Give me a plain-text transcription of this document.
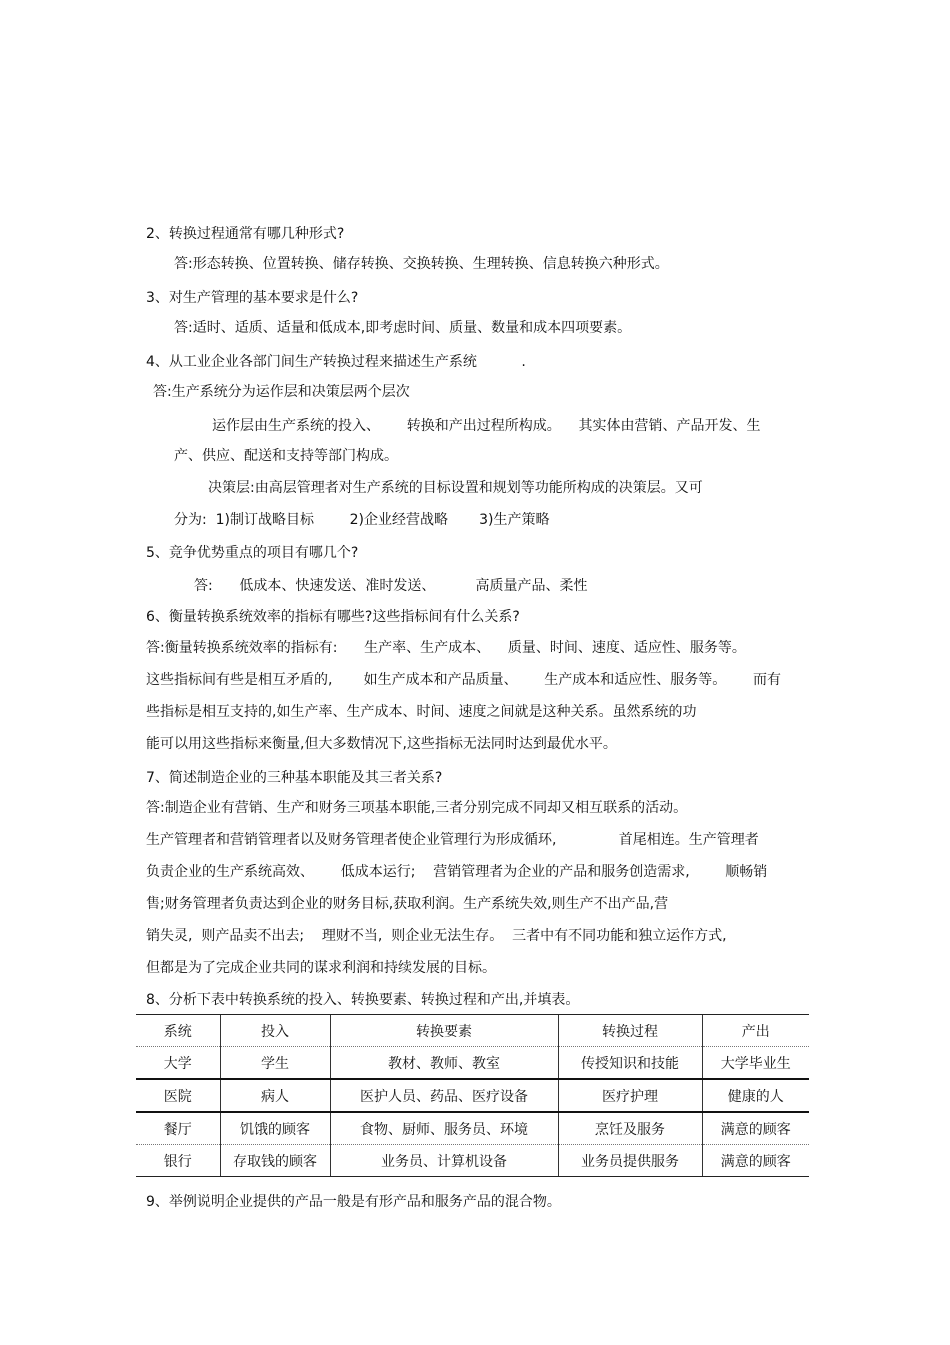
2、转换过程通常有哪几种形式?
答:形态转换、位置转换、储存转换、交换转换、生理转换、信息转换六种形式。
3、对生产管理的基本要求是什么?
答:适时、适质、适量和低成本,即考虑时间、质量、数量和成本四项要素。
4、从工业企业各部门间生产转换过程来描述生产系统          .
答:生产系统分为运作层和决策层两个层次
运作层由生产系统的投入、      转换和产出过程所构成。    其实体由营销、产品开发、生
产、供应、配送和支持等部门构成。
决策层:由高层管理者对生产系统的目标设置和规划等功能所构成的决策层。又可
分为:  1)制订战略目标        2)企业经营战略       3)生产策略
5、竞争优势重点的项目有哪几个?
答:      低成本、快速发送、准时发送、         高质量产品、柔性
6、衡量转换系统效率的指标有哪些?这些指标间有什么关系?
答:衡量转换系统效率的指标有:      生产率、生产成本、    质量、时间、速度、适应性、服务等。
这些指标间有些是相互矛盾的,       如生产成本和产品质量、      生产成本和适应性、服务等。      而有
些指标是相互支持的,如生产率、生产成本、时间、速度之间就是这种关系。虽然系统的功
能可以用这些指标来衡量,但大多数情况下,这些指标无法同时达到最优水平。
7、简述制造企业的三种基本职能及其三者关系?
答:制造企业有营销、生产和财务三项基本职能,三者分别完成不同却又相互联系的活动。
生产管理者和营销管理者以及财务管理者使企业管理行为形成循环,              首尾相连。生产管理者
负责企业的生产系统高效、      低成本运行;    营销管理者为企业的产品和服务创造需求,        顺畅销
售;财务管理者负责达到企业的财务目标,获取利润。生产系统失效,则生产不出产品,营
销失灵,  则产品卖不出去;    理财不当,  则企业无法生存。  三者中有不同功能和独立运作方式,
但都是为了完成企业共同的谋求利润和持续发展的目标。
8、分析下表中转换系统的投入、转换要素、转换过程和产出,并填表。
系统	投入	转换要素	转换过程	产出
大学	学生	教材、教师、教室	传授知识和技能	大学毕业生
医院	病人	医护人员、药品、医疗设备	医疗护理	健康的人
餐厅	饥饿的顾客	食物、厨师、服务员、环境	烹饪及服务	满意的顾客
银行	存取钱的顾客	业务员、计算机设备	业务员提供服务	满意的顾客
9、举例说明企业提供的产品一般是有形产品和服务产品的混合物。
